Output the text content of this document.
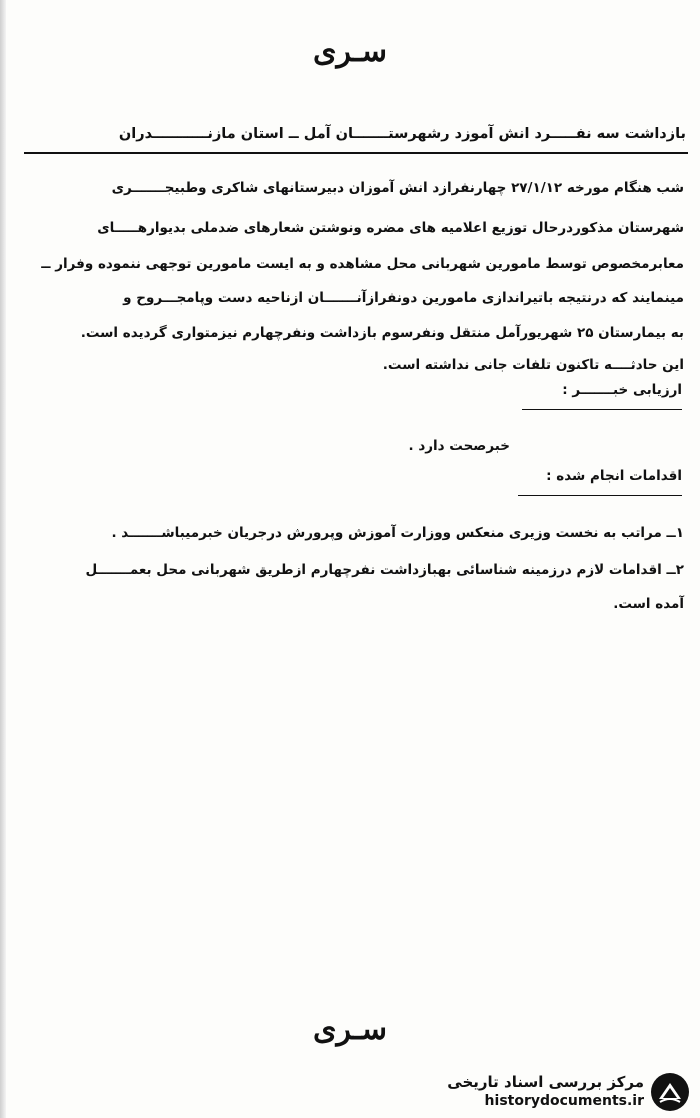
سـری
بازداشت سه نفـــــرد انش آموزد رشهرستـــــــان آمل ــ استان مازنـــــــــــدران
شب هنگام مورخه ۲۷/۱/۱۲ چهارنفرازد انش آموزان دبیرستانهای شاکری وطبیجـــــــری
شهرستان مذکوردرحال توزیع اعلامیه های مضره ونوشتن شعارهای ضدملی بدیوارهـــــای
معابرمخصوص توسط مامورین شهربانی محل مشاهده و به ایست مامورین توجهی ننموده وفرار ــ
مینمایند که درنتیجه باتیراندازی مامورین دونفرازآنـــــــان ازناحیه دست وپامجـــروح و
به بیمارستان ۲۵ شهریورآمل منتقل ونفرسوم بازداشت ونفرچهارم نیزمتواری گردیده است.
این حادثــــه تاکنون تلفات جانی نداشته است.
ارزیابی خبـــــــر :
خبرصحت دارد .
اقدامات انجام شده :
۱ــ مراتب به نخست وزیری منعکس ووزارت آموزش وپرورش درجریان خبرمیباشـــــــد .
۲ــ اقدامات لازم درزمینه شناسائی بهبازداشت نفرچهارم ازطریق شهربانی محل بعمـــــــل
آمده است.
سـری
مرکز بررسی اسناد تاریخی
historydocuments.ir
